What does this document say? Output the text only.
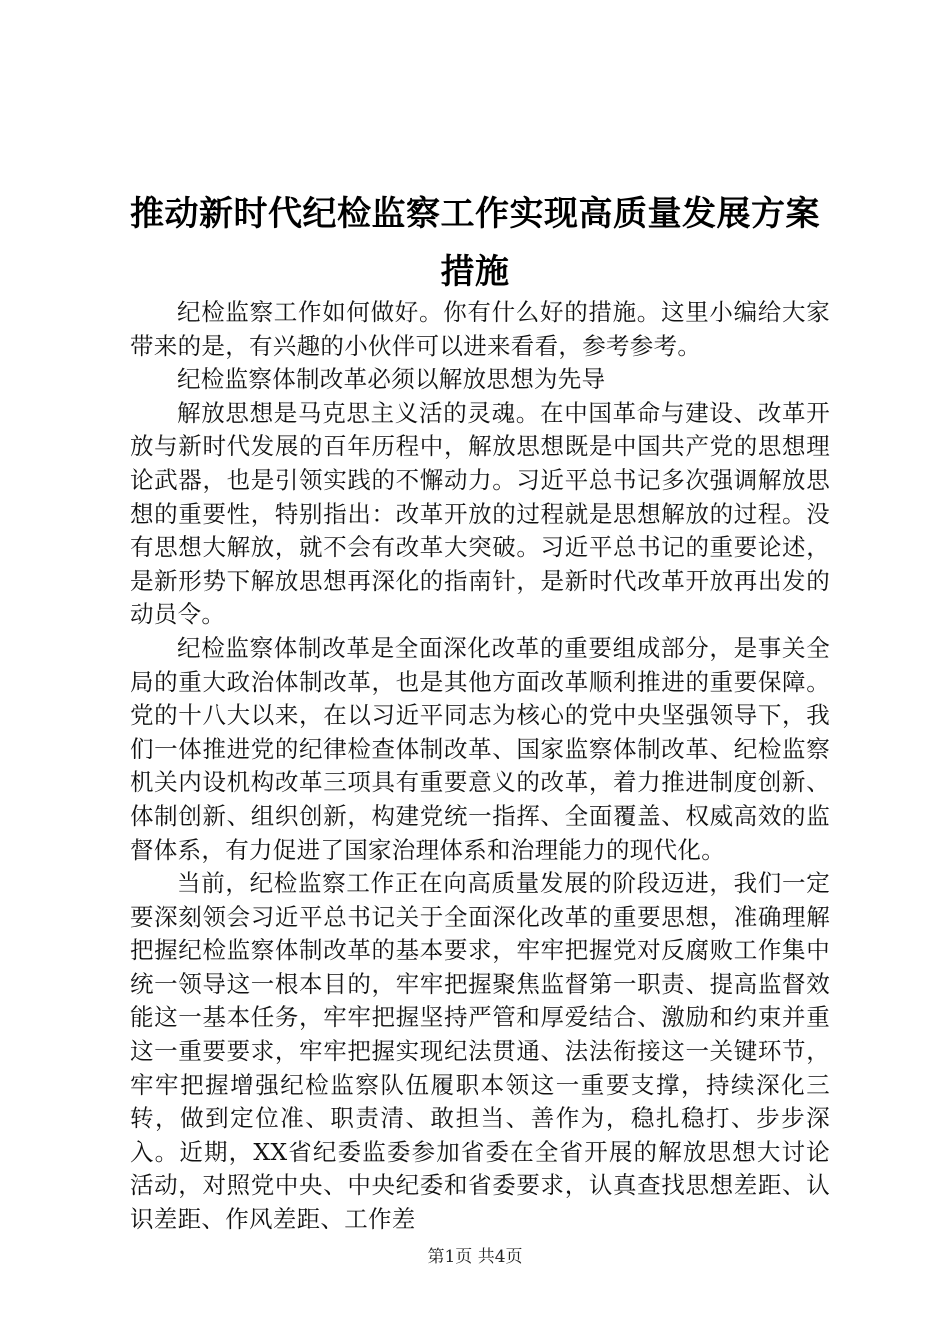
推动新时代纪检监察工作实现高质量发展方案
措施

纪检监察工作如何做好。你有什么好的措施。这里小编给大家带来的是，有兴趣的小伙伴可以进来看看，参考参考。

纪检监察体制改革必须以解放思想为先导

解放思想是马克思主义活的灵魂。在中国革命与建设、改革开放与新时代发展的百年历程中，解放思想既是中国共产党的思想理论武器，也是引领实践的不懈动力。习近平总书记多次强调解放思想的重要性，特别指出：改革开放的过程就是思想解放的过程。没有思想大解放，就不会有改革大突破。习近平总书记的重要论述，是新形势下解放思想再深化的指南针，是新时代改革开放再出发的动员令。

纪检监察体制改革是全面深化改革的重要组成部分，是事关全局的重大政治体制改革，也是其他方面改革顺利推进的重要保障。党的十八大以来，在以习近平同志为核心的党中央坚强领导下，我们一体推进党的纪律检查体制改革、国家监察体制改革、纪检监察机关内设机构改革三项具有重要意义的改革，着力推进制度创新、体制创新、组织创新，构建党统一指挥、全面覆盖、权威高效的监督体系，有力促进了国家治理体系和治理能力的现代化。

当前，纪检监察工作正在向高质量发展的阶段迈进，我们一定要深刻领会习近平总书记关于全面深化改革的重要思想，准确理解把握纪检监察体制改革的基本要求，牢牢把握党对反腐败工作集中统一领导这一根本目的，牢牢把握聚焦监督第一职责、提高监督效能这一基本任务，牢牢把握坚持严管和厚爱结合、激励和约束并重这一重要要求，牢牢把握实现纪法贯通、法法衔接这一关键环节，牢牢把握增强纪检监察队伍履职本领这一重要支撑，持续深化三转，做到定位准、职责清、敢担当、善作为，稳扎稳打、步步深入。近期，XX省纪委监委参加省委在全省开展的解放思想大讨论活动，对照党中央、中央纪委和省委要求，认真查找思想差距、认识差距、作风差距、工作差

第1页 共4页
